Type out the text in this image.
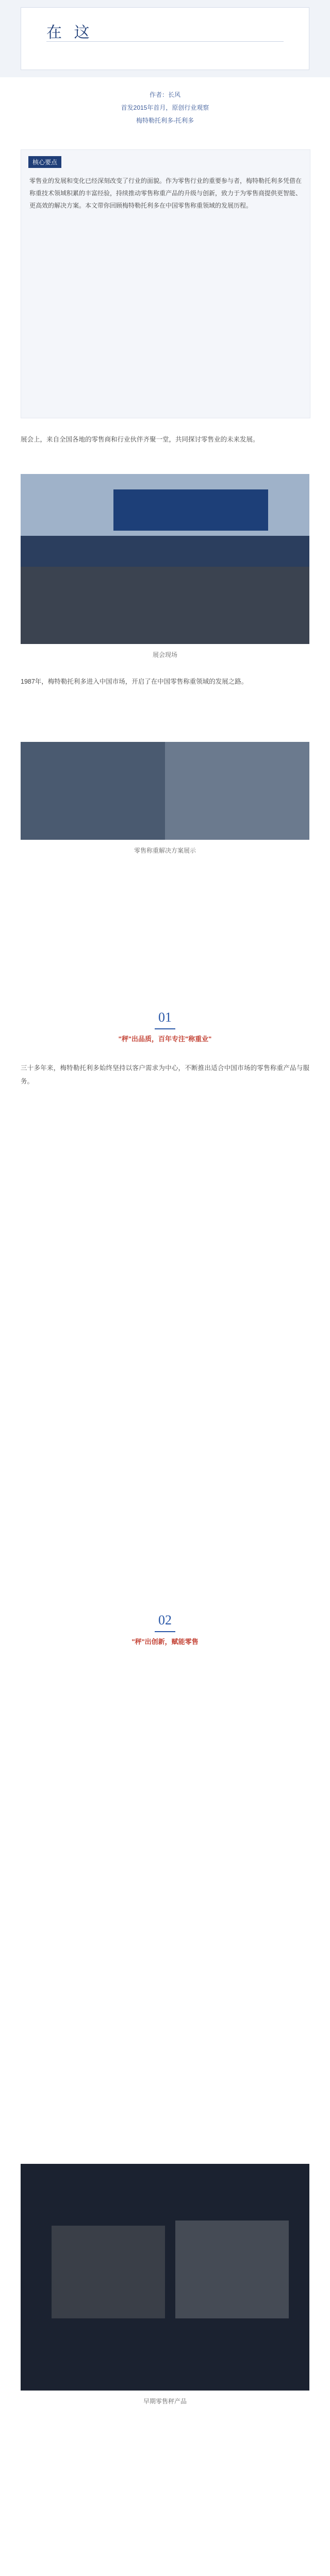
在 这
作者：长风
首发2015年首月，原创行业观察
梅特勒托利多-托利多
核心要点
零售业的发展和变化已经深刻改变了行业的面貌。作为零售行业的重要参与者，梅特勒托利多凭借在称重技术领域积累的丰富经验，持续推动零售称重产品的升级与创新，致力于为零售商提供更智能、更高效的解决方案。本文带你回顾梅特勒托利多在中国零售称重领域的发展历程。
展会上，来自全国各地的零售商和行业伙伴齐聚一堂，共同探讨零售业的未来发展。
展会现场
1987年，梅特勒托利多进入中国市场，开启了在中国零售称重领域的发展之路。
零售称重解决方案展示
01
"秤"出品质，百年专注"称重业"
三十多年来，梅特勒托利多始终坚持以客户需求为中心，不断推出适合中国市场的零售称重产品与服务。
02
"秤"出创新，赋能零售
早期零售秤产品
